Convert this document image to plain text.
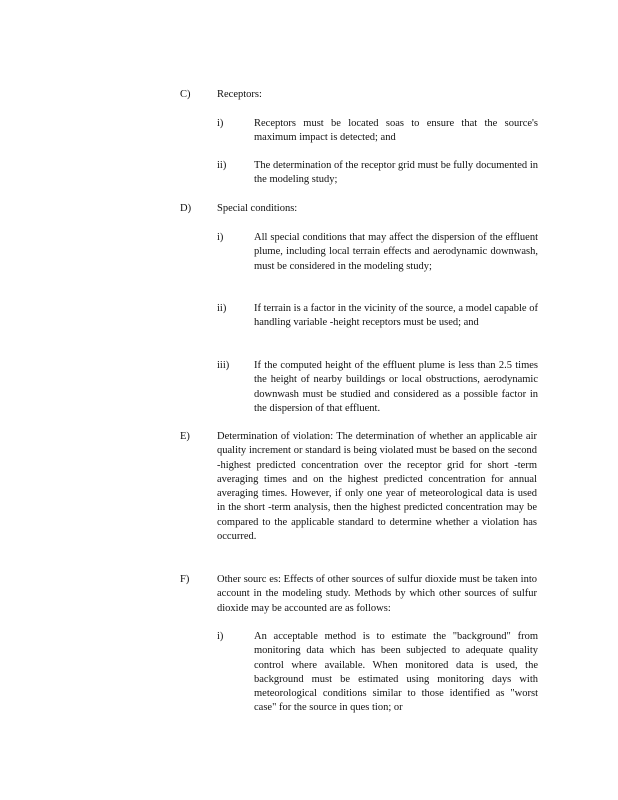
C)	Receptors:
i)	Receptors must be located soas to ensure that the source's maximum impact is detected; and
ii)	The determination of the receptor grid must be fully documented in the modeling study;
D) Special conditions:
i)	All special conditions that may affect the dispersion of the effluent plume, including local terrain effects and aerodynamic downwash, must be considered in the modeling study;
ii)	If terrain is a factor in the vicinity of the source, a model capable of handling variable -height receptors must be used; and
iii) If the computed height of the effluent plume is less than 2.5 times the height of nearby buildings or local obstructions, aerodynamic downwash must be studied and considered as a possible factor in the dispersion of that effluent.
E)	Determination of violation: The determination of whether an applicable air quality increment or standard is being violated must be based on the second -highest predicted concentration over the receptor grid for short -term averaging times and on the highest predicted concentration for annual averaging times. However, if only one year of meteorological data is used in the short -term analysis, then the highest predicted concentration may be compared to the applicable standard to determine whether a violation has occurred.
F)	Other sourc es: Effects of other sources of sulfur dioxide must be taken into account in the modeling study. Methods by which other sources of sulfur dioxide may be accounted are as follows:
i)	An acceptable method is to estimate the "background" from monitoring data which has been subjected to adequate quality control where available. When monitored data is used, the background must be estimated using monitoring days with meteorological conditions similar to those identified as "worst case" for the source in ques tion; or
